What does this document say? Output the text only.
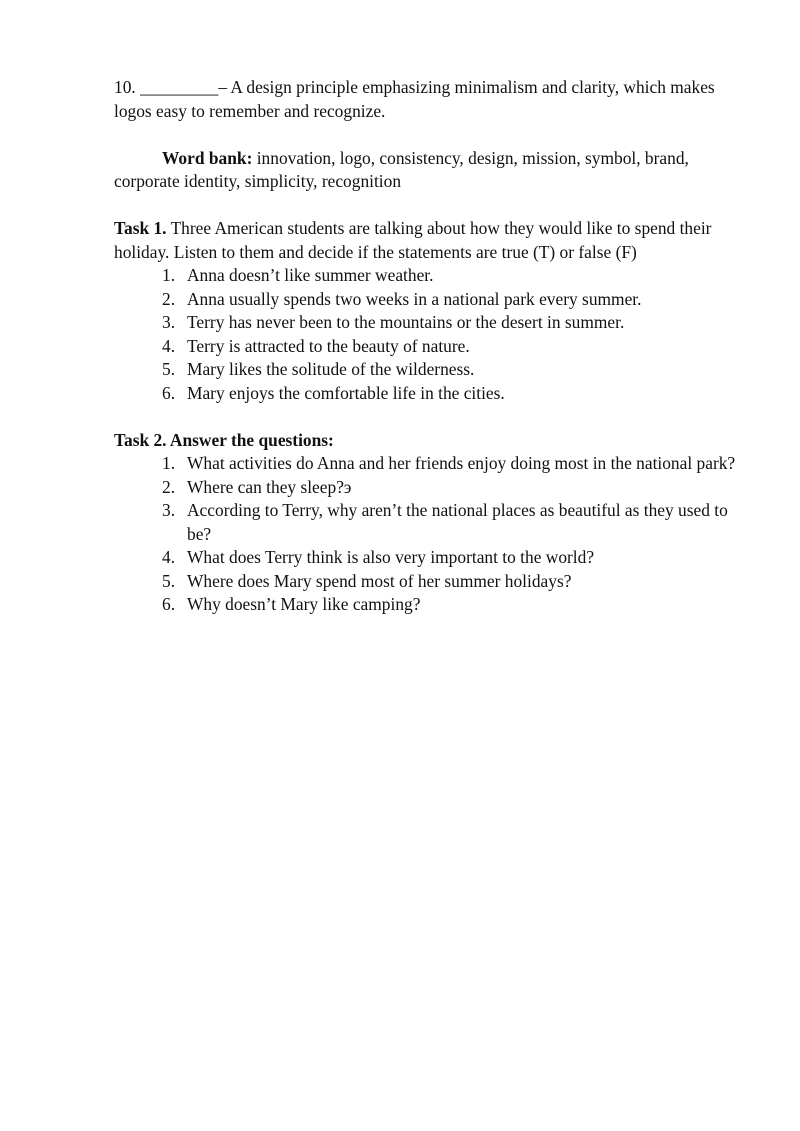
10. _________– A design principle emphasizing minimalism and clarity, which makes logos easy to remember and recognize.

Word bank: innovation, logo, consistency, design, mission, symbol, brand, corporate identity, simplicity, recognition

Task 1. Three American students are talking about how they would like to spend their holiday. Listen to them and decide if the statements are true (T) or false (F)

1. Anna doesn’t like summer weather.
2. Anna usually spends two weeks in a national park every summer.
3. Terry has never been to the mountains or the desert in summer.
4. Terry is attracted to the beauty of nature.
5. Mary likes the solitude of the wilderness.
6. Mary enjoys the comfortable life in the cities.

Task 2. Answer the questions:

1. What activities do Anna and her friends enjoy doing most in the national park?
2. Where can they sleep?э
3. According to Terry, why aren’t the national places as beautiful as they used to be?
4. What does Terry think is also very important to the world?
5. Where does Mary spend most of her summer holidays?
6. Why doesn’t Mary like camping?
